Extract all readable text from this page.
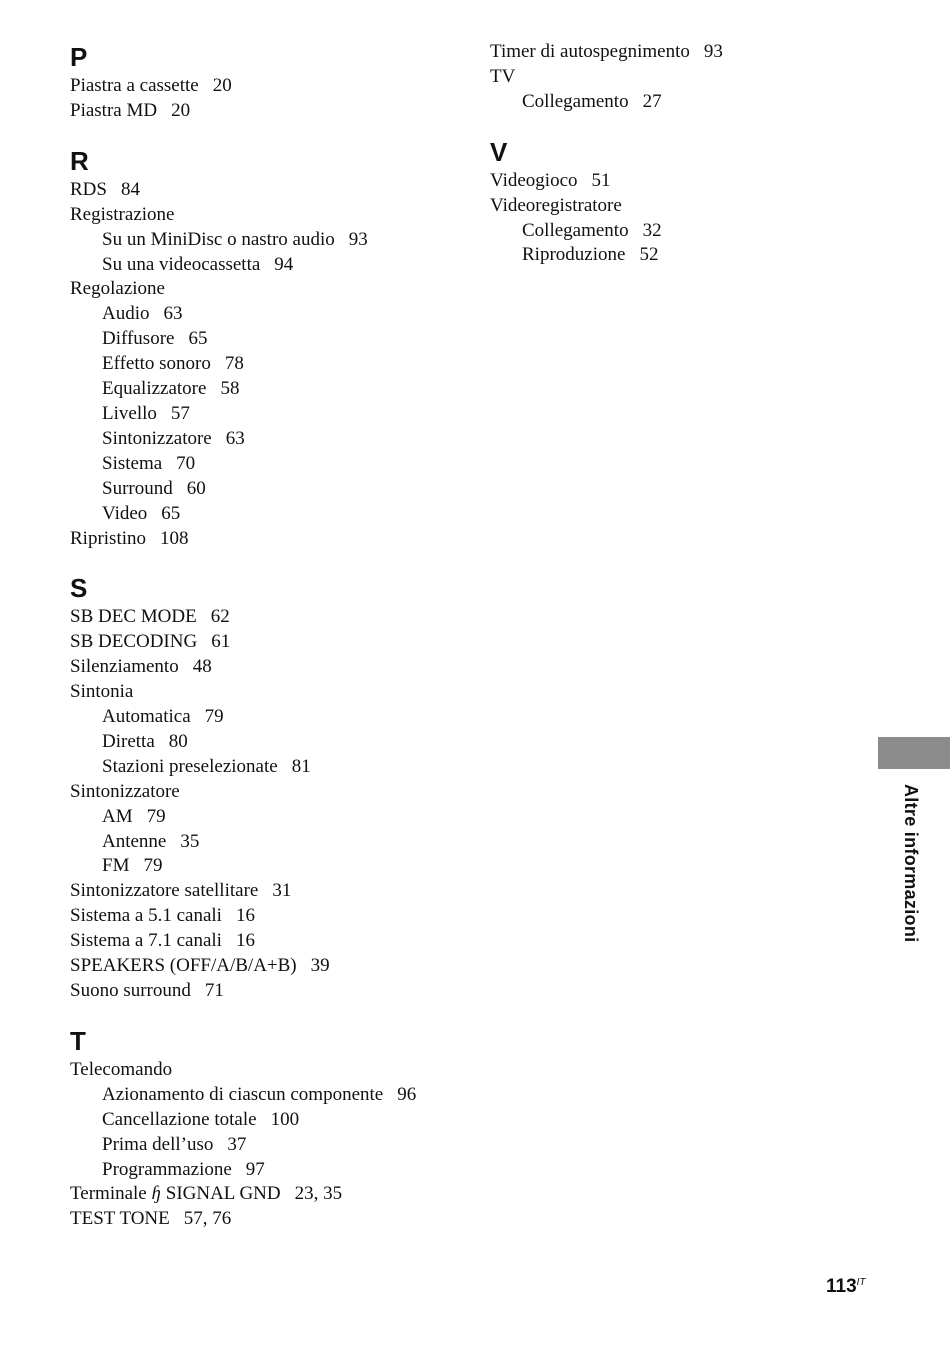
P
Piastra a cassette 20
Piastra MD 20
R
RDS 84
Registrazione
Su un MiniDisc o nastro audio 93
Su una videocassetta 94
Regolazione
Audio 63
Diffusore 65
Effetto sonoro 78
Equalizzatore 58
Livello 57
Sintonizzatore 63
Sistema 70
Surround 60
Video 65
Ripristino 108
S
SB DEC MODE 62
SB DECODING 61
Silenziamento 48
Sintonia
Automatica 79
Diretta 80
Stazioni preselezionate 81
Sintonizzatore
AM 79
Antenne 35
FM 79
Sintonizzatore satellitare 31
Sistema a 5.1 canali 16
Sistema a 7.1 canali 16
SPEAKERS (OFF/A/B/A+B) 39
Suono surround 71
T
Telecomando
Azionamento di ciascun componente 96
Cancellazione totale 100
Prima dell’uso 37
Programmazione 97
Terminale ɧ SIGNAL GND 23, 35
TEST TONE 57, 76
Timer di autospegnimento 93
TV
Collegamento 27
V
Videogioco 51
Videoregistratore
Collegamento 32
Riproduzione 52
Altre informazioni
$113^{IT}$
